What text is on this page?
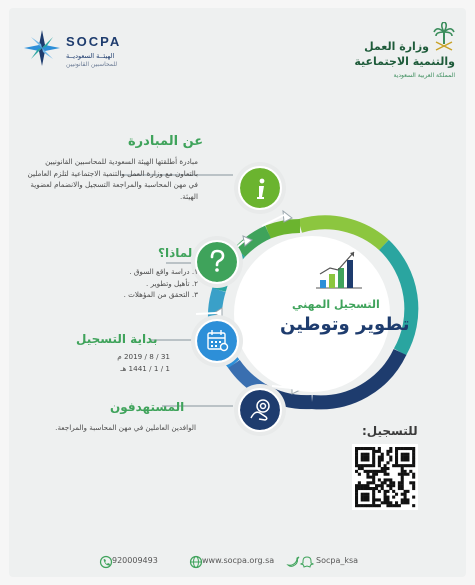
SOCPA
الهيئــة السعوديــة
للمحاسبين القانونيين
وزارة العمل
والتنمية الاجتماعية
المملكة العربية السعودية
التسجيل المهني
تطوير وتوطين
عن المبادرة
مبادرة أطلقتها الهيئة السعودية للمحاسبين القانونيين بالتعاون مع وزارة العمل والتنمية الاجتماعية لتلزم العاملين في مهن المحاسبة والمراجعة التسجيل والانضمام لعضوية الهيئة.
لماذا؟
١. دراسة واقع السوق .
٢. تأهيل وتطوير .
٣. التحقق من المؤهلات .
بداية التسجيل
31 / 8 / 2019 م
1 / 1 / 1441 هـ
المستهدفون
الوافدين العاملين في مهن المحاسبة والمراجعة.	للتسجيل:
920009493	www.socpa.org.sa	Socpa_ksa
